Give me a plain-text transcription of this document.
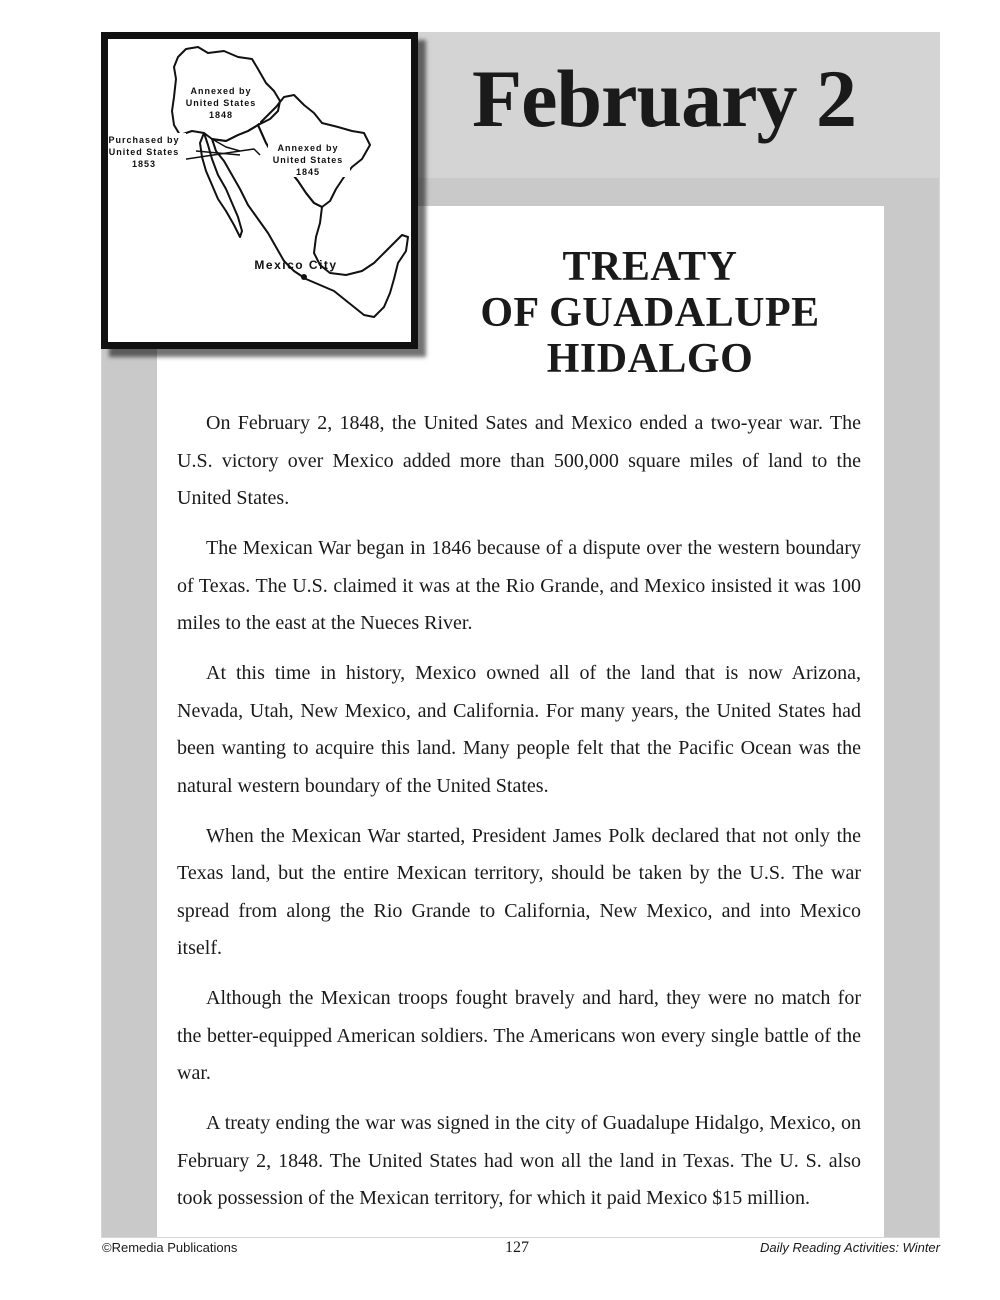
February 2
Annexed by
United States
1848
Purchased by
United States
1853
Annexed by
United States
1845
Mexico City	TREATY
OF GUADALUPE
HIDALGO

On February 2, 1848, the United Sates and Mexico ended a two-year war. The U.S. victory over Mexico added more than 500,000 square miles of land to the United States.

The Mexican War began in 1846 because of a dispute over the western boundary of Texas. The U.S. claimed it was at the Rio Grande, and Mexico insisted it was 100 miles to the east at the Nueces River.

At this time in history, Mexico owned all of the land that is now Arizona, Nevada, Utah, New Mexico, and California. For many years, the United States had been wanting to acquire this land. Many people felt that the Pacific Ocean was the natural western boundary of the United States.

When the Mexican War started, President James Polk declared that not only the Texas land, but the entire Mexican territory, should be taken by the U.S. The war spread from along the Rio Grande to California, New Mexico, and into Mexico itself.

Although the Mexican troops fought bravely and hard, they were no match for the better-equipped American soldiers. The Americans won every single battle of the war.

A treaty ending the war was signed in the city of Guadalupe Hidalgo, Mexico, on February 2, 1848. The United States had won all the land in Texas. The U. S. also took possession of the Mexican territory, for which it paid Mexico $15 million.

©Remedia Publications	127	Daily Reading Activities: Winter
